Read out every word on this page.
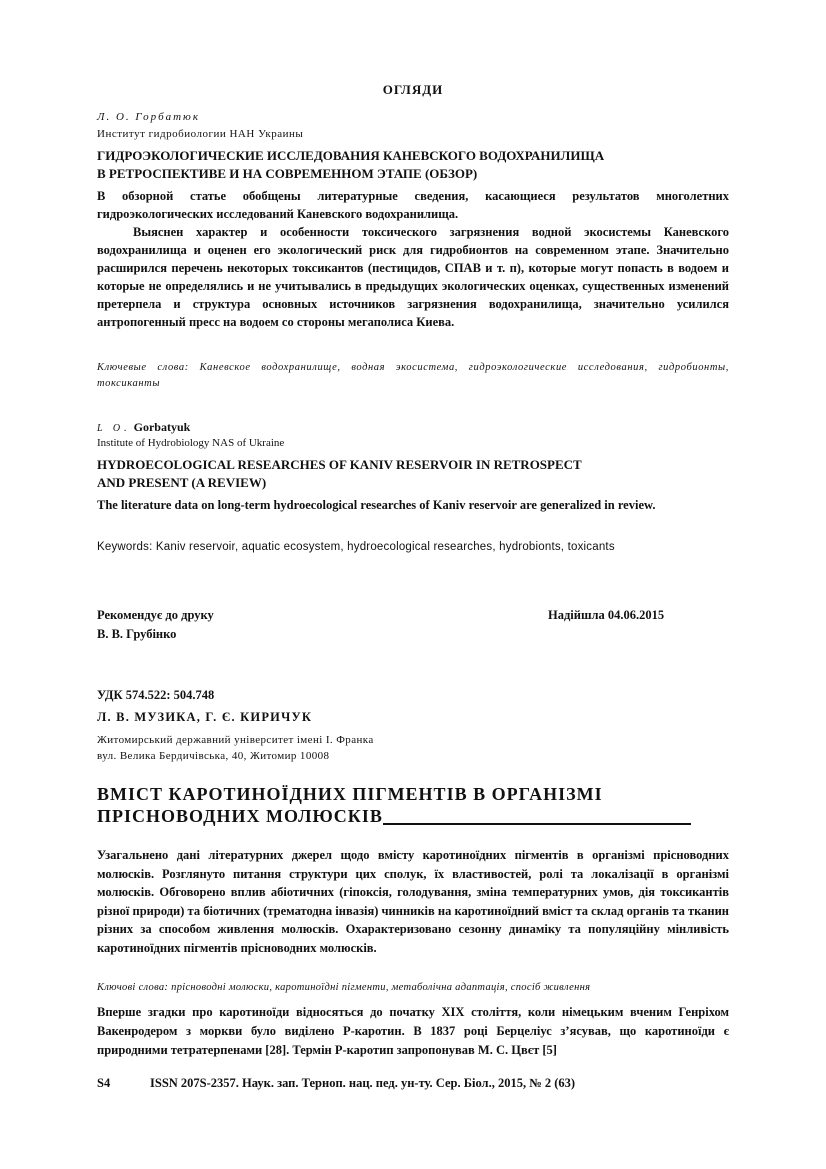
ОГЛЯДИ
Л. О. Горбатюк
Институт гидробиологии НАН Украины
ГИДРОЭКОЛОГИЧЕСКИЕ ИССЛЕДОВАНИЯ КАНЕВСКОГО ВОДОХРАНИЛИЩА
В РЕТРОСПЕКТИВЕ И НА СОВРЕМЕННОМ ЭТАПЕ (ОБЗОР)

В обзорной статье обобщены литературные сведения, касающиеся результатов многолетних гидроэкологических исследований Каневского водохранилища.

Выяснен характер и особенности токсического загрязнения водной экосистемы Каневского водохранилища и оценен его экологический риск для гидробионтов на современном этапе. Значительно расширился перечень некоторых токсикантов (пестицидов, СПАВ и т. п), которые могут попасть в водоем и которые не определялись и не учитывались в предыдущих экологических оценках, существенных изменений претерпела и структура основных источников загрязнения водохранилища, значительно усилился антропогенный пресс на водоем со стороны мегаполиса Киева.

Ключевые слова: Каневское водохранилище, водная экосистема, гидроэкологические исследования, гидробионты, токсиканты

L O. Gorbatyuk
Institute of Hydrobiology NAS of Ukraine
HYDROECOLOGICAL RESEARCHES OF KANIV RESERVOIR IN RETROSPECT
AND PRESENT (A REVIEW)

The literature data on long-term hydroecological researches of Kaniv reservoir are generalized in review.

Keywords: Kaniv reservoir, aquatic ecosystem, hydroecological researches, hydrobionts, toxicants
Рекомендує до друку	Надійшла 04.06.2015
В. В. Грубінко
УДК 574.522: 504.748
Л. В. МУЗИКА, Г. Є. КИРИЧУК
Житомирський державний університет імені І. Франка
вул. Велика Бердичівська, 40, Житомир 10008
ВМІСТ КАРОТИНОЇДНИХ ПІГМЕНТІВ В ОРГАНІЗМІ
ПРІСНОВОДНИХ МОЛЮСКІВ

Узагальнено дані літературних джерел щодо вмісту каротиноїдних пігментів в організмі прісноводних молюсків. Розглянуто питання структури цих сполук, їх властивостей, ролі та локалізації в організмі молюсків. Обговорено вплив абіотичних (гіпоксія, голодування, зміна температурних умов, дія токсикантів різної природи) та біотичних (трематодна інвазія) чинників на каротиноїдний вміст та склад органів та тканин різних за способом живлення молюсків. Охарактеризовано сезонну динаміку та популяційну мінливість каротиноїдних пігментів прісноводних молюсків.

Ключові слова: прісноводні молюски, каротиноїдні пігменти, метаболічна адаптація, спосіб живлення

Вперше згадки про каротиноїди відносяться до початку XIX століття, коли німецьким вченим Генріхом Вакенродером з моркви було виділено Р-каротин. В 1837 році Берцеліус з’ясував, що каротиноїди є природними тетратерпенами [28]. Термін Р-каротип запропонував М. С. Цвєт [5]

S4	ISSN 207S-2357. Наук. зап. Терноп. нац. пед. ун-ту. Сер. Біол., 2015, № 2 (63)
